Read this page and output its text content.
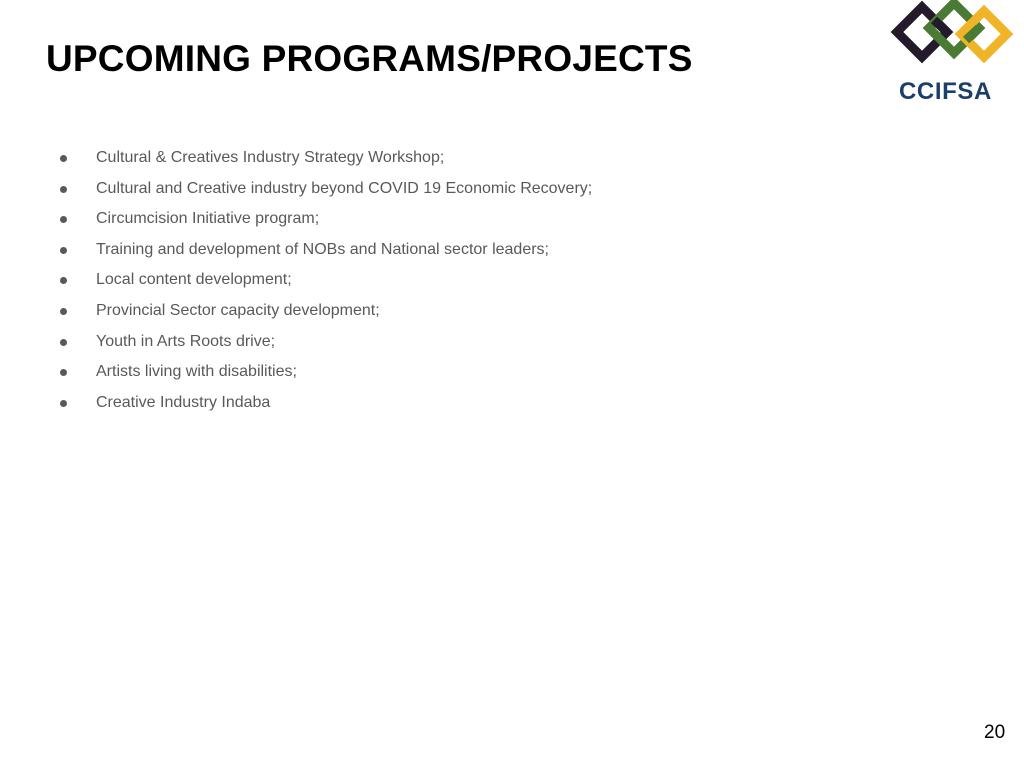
UPCOMING PROGRAMS/PROJECTS
CCIFSA
Cultural & Creatives Industry Strategy Workshop;
Cultural and Creative industry beyond COVID 19 Economic Recovery;
Circumcision Initiative program;
Training and development of NOBs and National sector leaders;
Local content development;
Provincial Sector capacity development;
Youth in Arts Roots drive;
Artists living with disabilities;
Creative Industry Indaba
20
